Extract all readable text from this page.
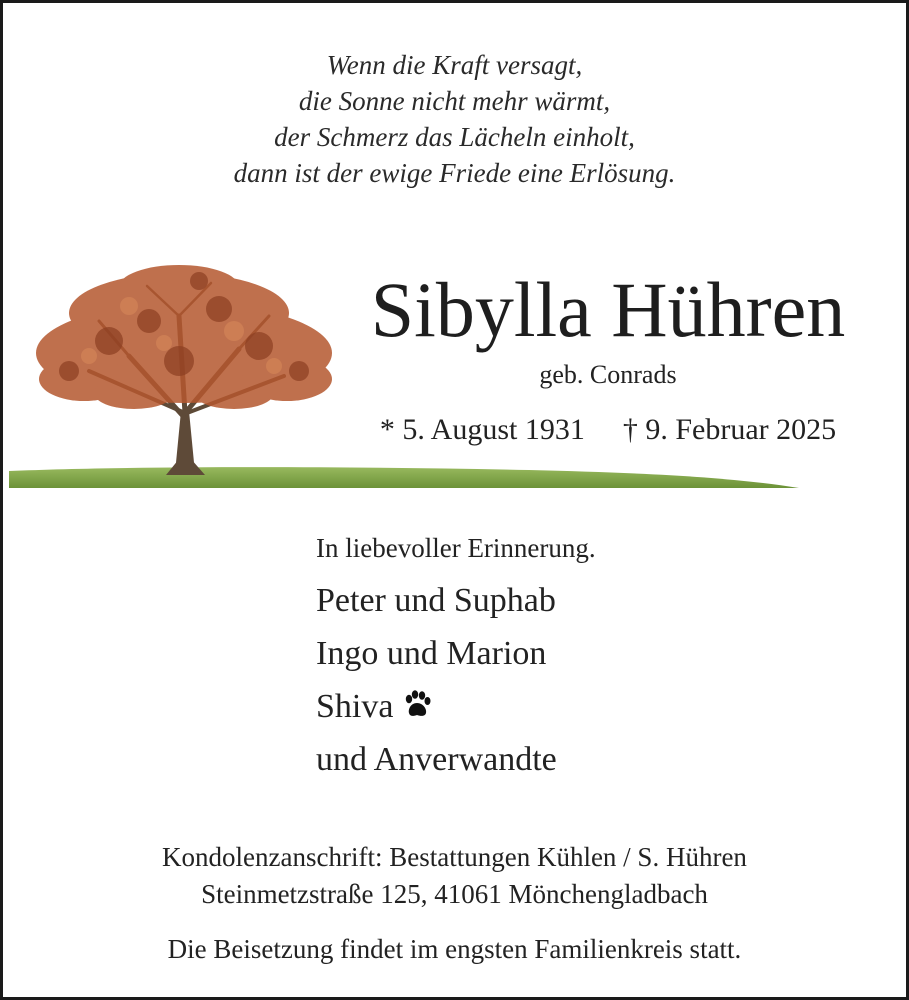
Wenn die Kraft versagt,
die Sonne nicht mehr wärmt,
der Schmerz das Lächeln einholt,
dann ist der ewige Friede eine Erlösung.
Sibylla Hühren
geb. Conrads
* 5. August 1931 † 9. Februar 2025
In liebevoller Erinnerung.
Peter und Suphab
Ingo und Marion
Shiva
und Anverwandte
Kondolenzanschrift: Bestattungen Kühlen / S. Hühren
Steinmetzstraße 125, 41061 Mönchengladbach
Die Beisetzung findet im engsten Familienkreis statt.
